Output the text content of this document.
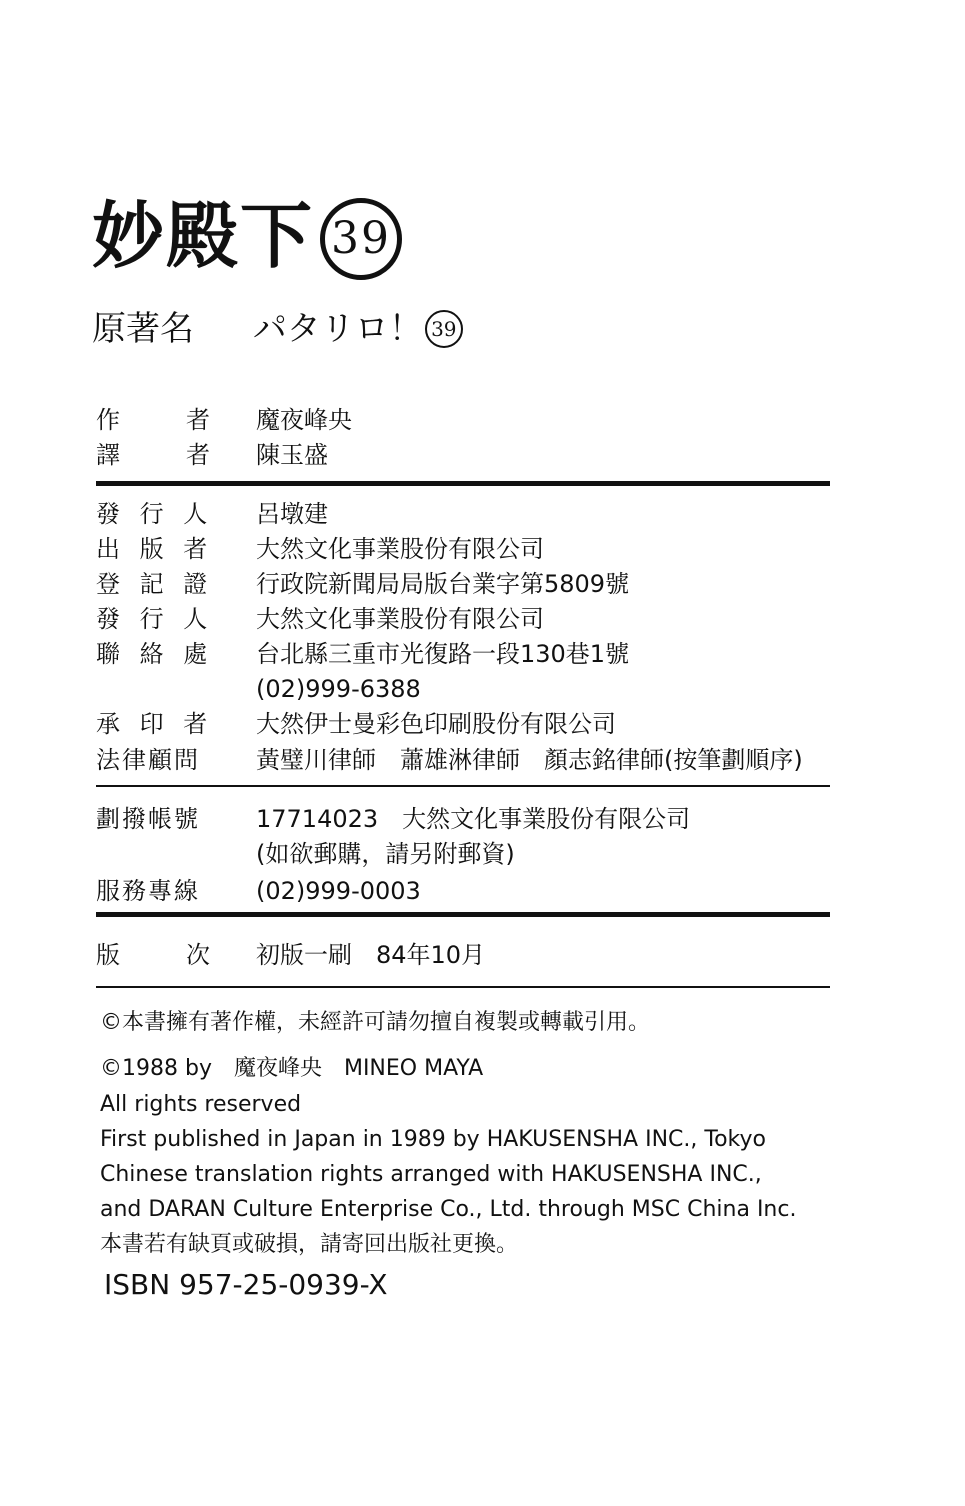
妙殿下 39
原著名 パタリロ！ 39
作　　者 魔夜峰央
譯　　者 陳玉盛
發 行 人 呂墩建
出 版 者 大然文化事業股份有限公司
登 記 證 行政院新聞局局版台業字第5809號
發 行 人 大然文化事業股份有限公司
聯 絡 處 台北縣三重市光復路一段130巷1號
(02)999-6388
承 印 者 大然伊士曼彩色印刷股份有限公司
法律顧問 黃璧川律師　蕭雄淋律師　顏志銘律師(按筆劃順序)
劃撥帳號 17714023　大然文化事業股份有限公司
(如欲郵購，請另附郵資)
服務專線 (02)999-0003
版　　次 初版一刷　84年10月
©本書擁有著作權，未經許可請勿擅自複製或轉載引用。
©1988 by　魔夜峰央　MINEO MAYA
All rights reserved
First published in Japan in 1989 by HAKUSENSHA INC., Tokyo
Chinese translation rights arranged with HAKUSENSHA INC.,
and DARAN Culture Enterprise Co., Ltd. through MSC China Inc.
本書若有缺頁或破損，請寄回出版社更換。
ISBN 957-25-0939-X
